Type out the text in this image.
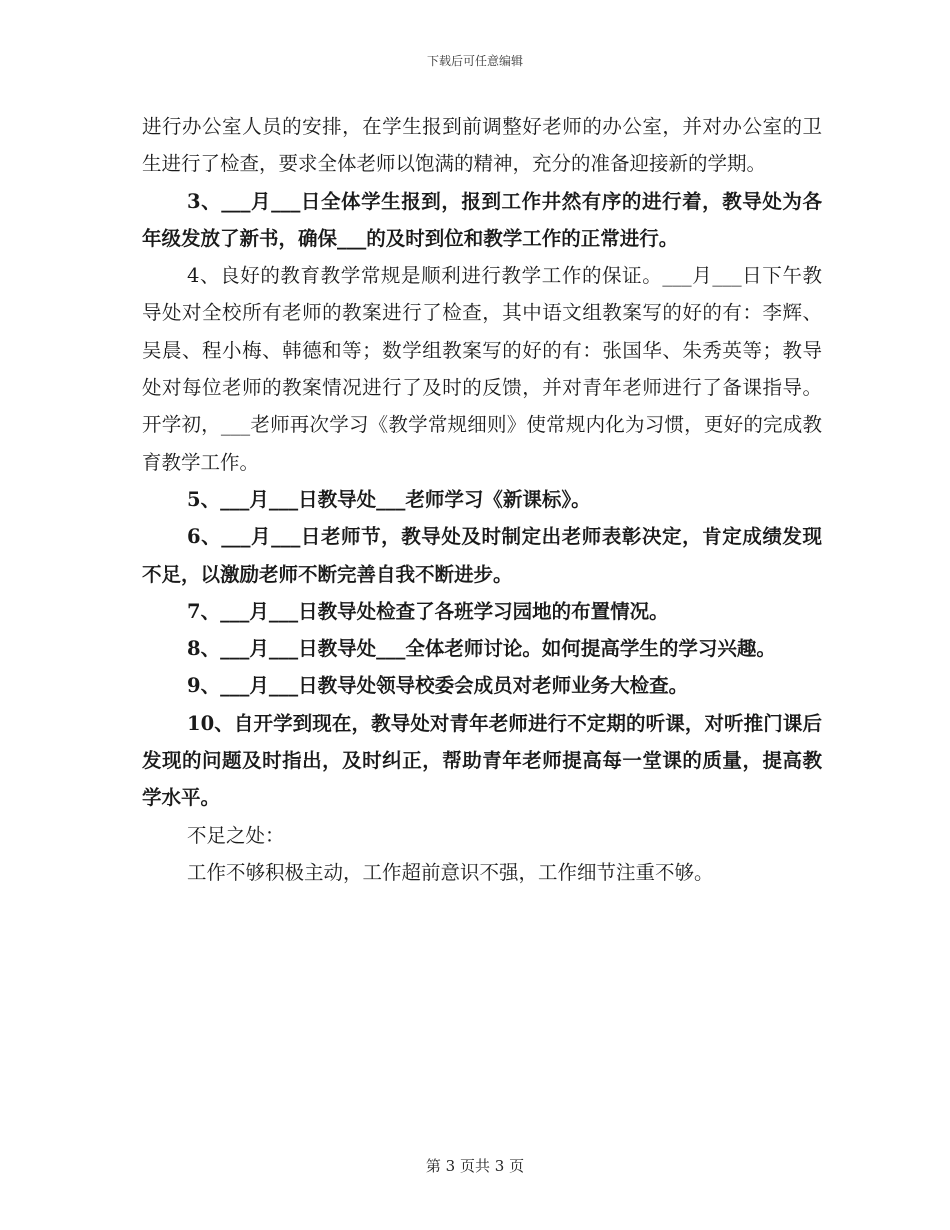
下载后可任意编辑

进行办公室人员的安排，在学生报到前调整好老师的办公室，并对办公室的卫生进行了检查，要求全体老师以饱满的精神，充分的准备迎接新的学期。

3、___月___日全体学生报到，报到工作井然有序的进行着，教导处为各年级发放了新书，确保___的及时到位和教学工作的正常进行。

4、良好的教育教学常规是顺利进行教学工作的保证。___月___日下午教导处对全校所有老师的教案进行了检查，其中语文组教案写的好的有：李辉、吴晨、程小梅、韩德和等；数学组教案写的好的有：张国华、朱秀英等；教导处对每位老师的教案情况进行了及时的反馈，并对青年老师进行了备课指导。开学初，___老师再次学习《教学常规细则》使常规内化为习惯，更好的完成教育教学工作。

5、___月___日教导处___老师学习《新课标》。

6、___月___日老师节，教导处及时制定出老师表彰决定，肯定成绩发现不足，以激励老师不断完善自我不断进步。

7、___月___日教导处检查了各班学习园地的布置情况。

8、___月___日教导处___全体老师讨论。如何提高学生的学习兴趣。

9、___月___日教导处领导校委会成员对老师业务大检查。

10、自开学到现在，教导处对青年老师进行不定期的听课，对听推门课后发现的问题及时指出，及时纠正，帮助青年老师提高每一堂课的质量，提高教学水平。

不足之处：

工作不够积极主动，工作超前意识不强，工作细节注重不够。

第 3 页共 3 页
